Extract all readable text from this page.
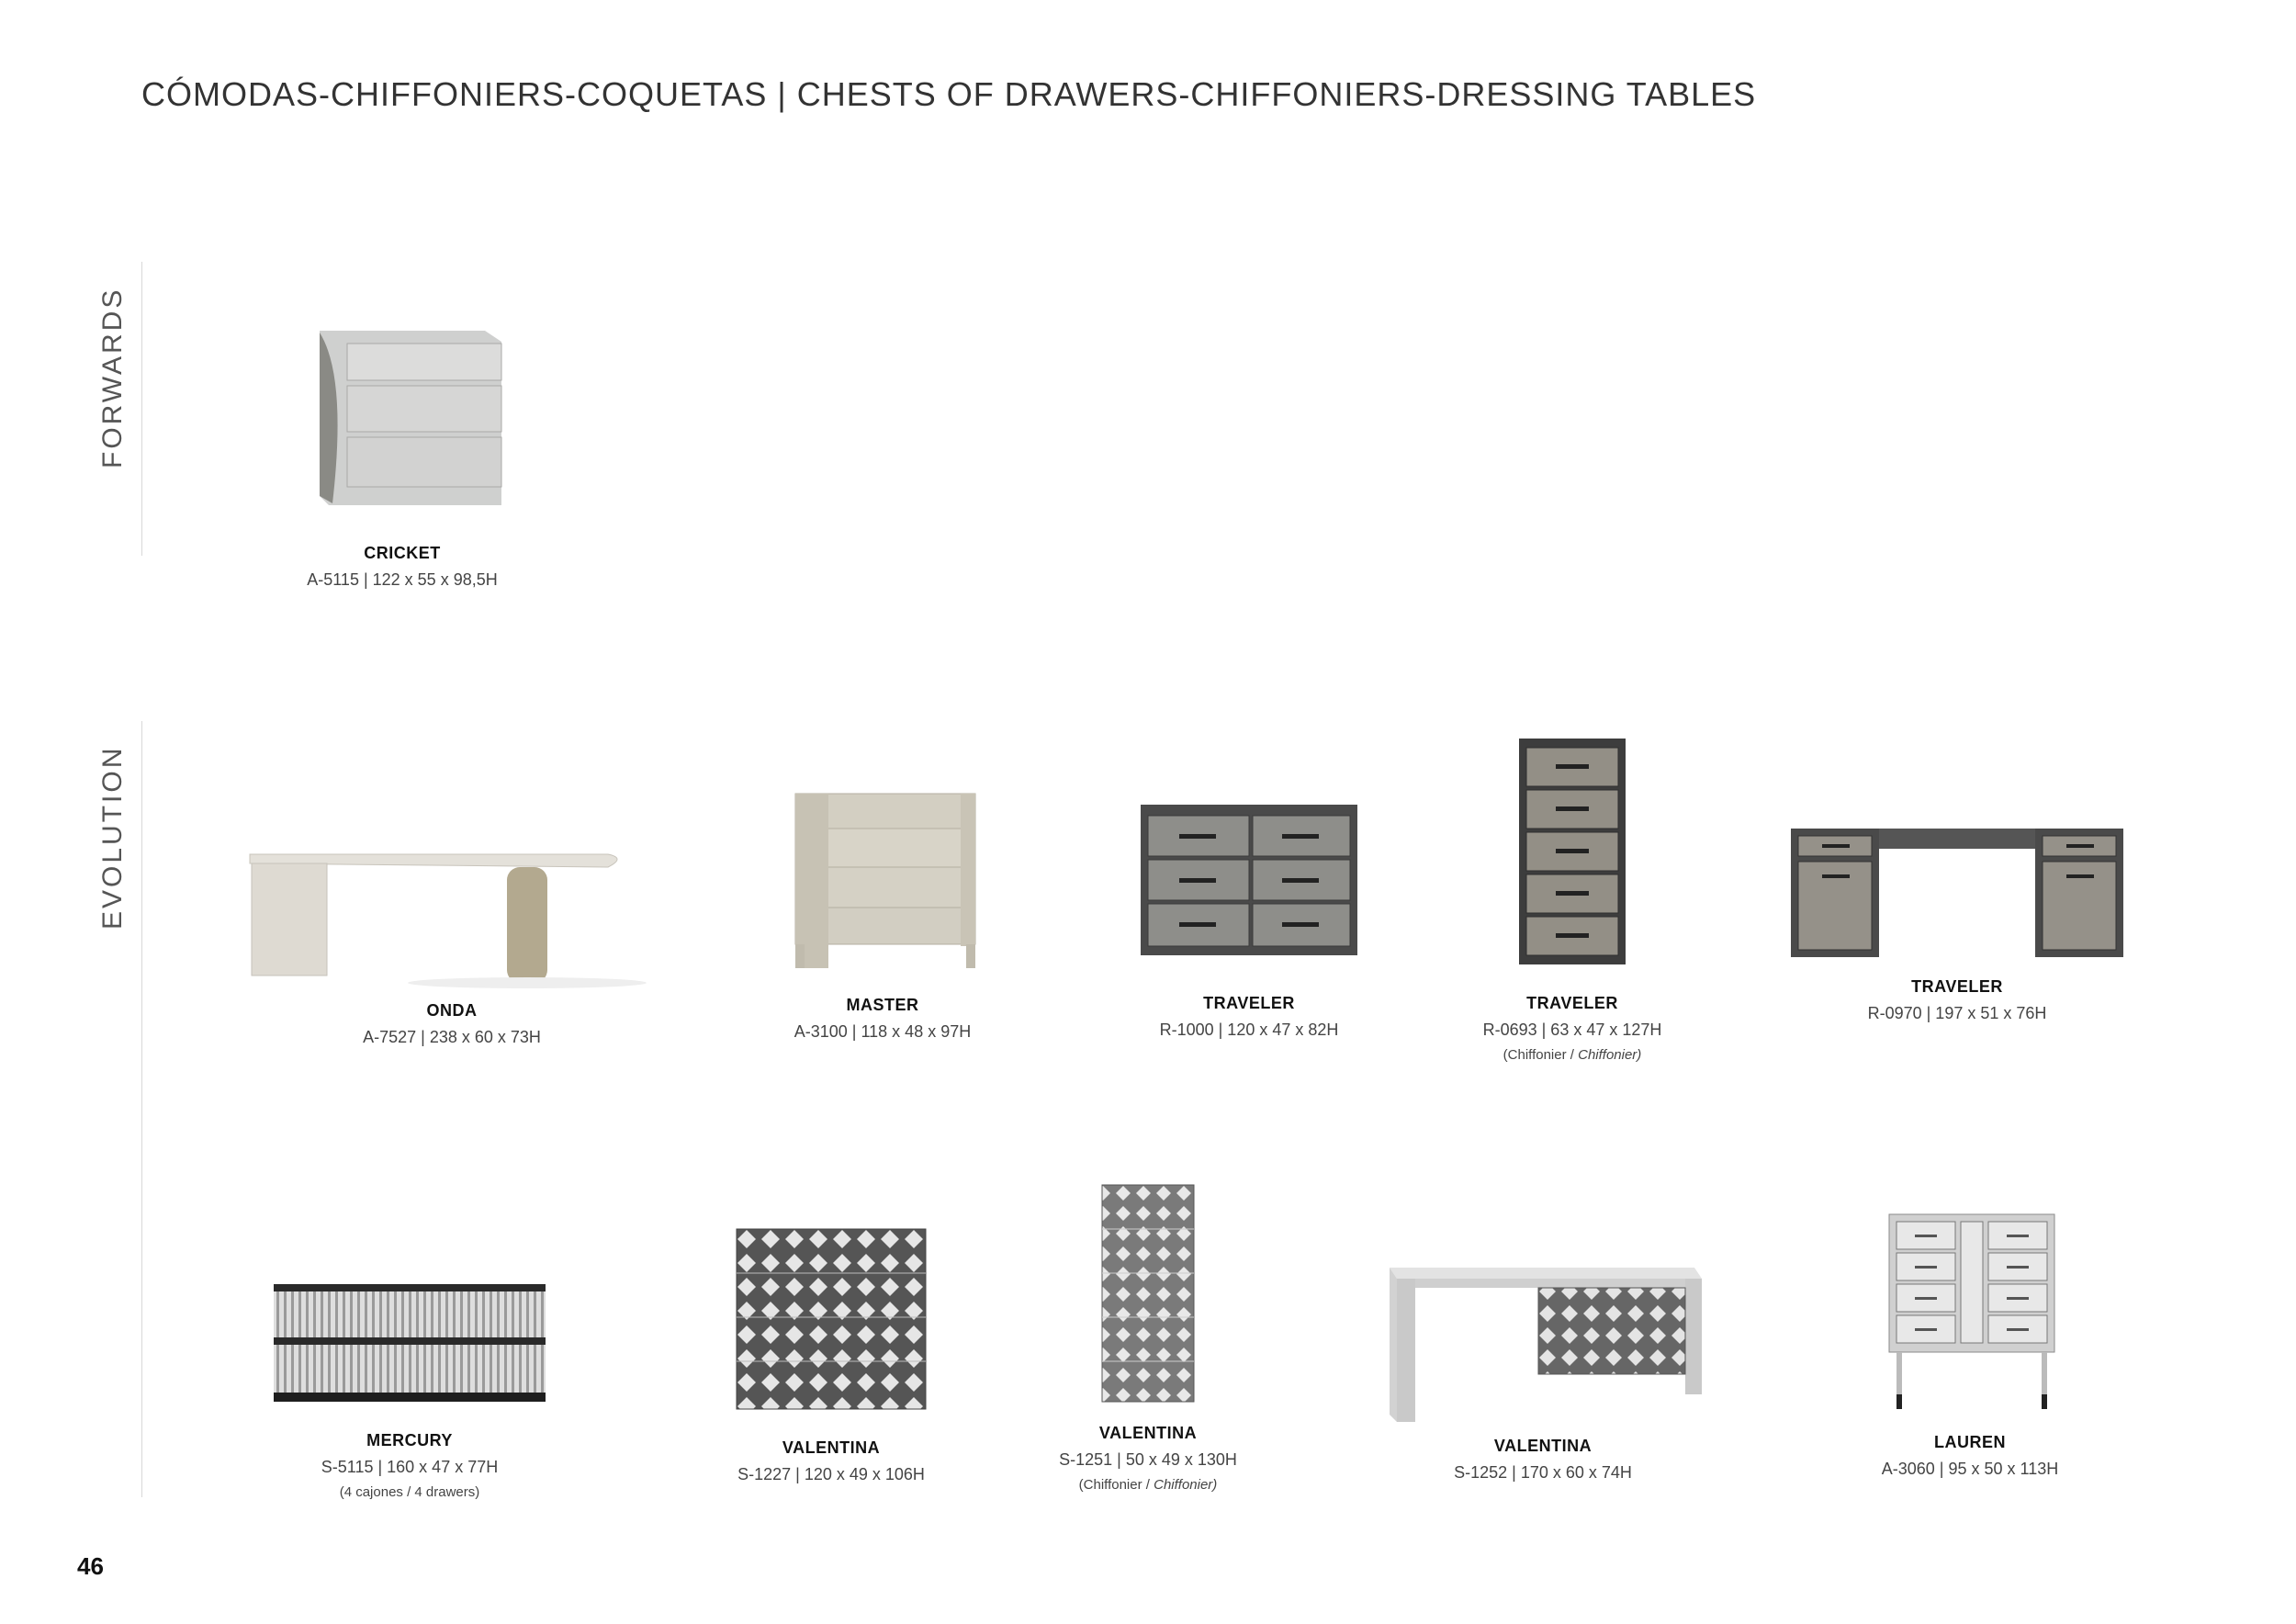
CÓMODAS-CHIFFONIERS-COQUETAS | CHESTS OF DRAWERS-CHIFFONIERS-DRESSING TABLES
FORWARDS
EVOLUTION
CRICKET
A-5115 | 122 x 55 x 98,5H
ONDA
A-7527 | 238 x 60 x 73H
MASTER
A-3100 | 118 x 48 x 97H
TRAVELER
R-1000 | 120 x 47 x 82H
TRAVELER
R-0693 | 63 x 47 x 127H
(Chiffonier / Chiffonier)
TRAVELER
R-0970 | 197 x 51 x 76H
MERCURY
S-5115 | 160 x 47 x 77H
(4 cajones / 4 drawers)
VALENTINA
S-1227 | 120 x 49 x 106H
VALENTINA
S-1251 | 50 x 49 x 130H
(Chiffonier / Chiffonier)
VALENTINA
S-1252 | 170 x 60 x 74H
LAUREN
A-3060 | 95 x 50 x 113H
46
